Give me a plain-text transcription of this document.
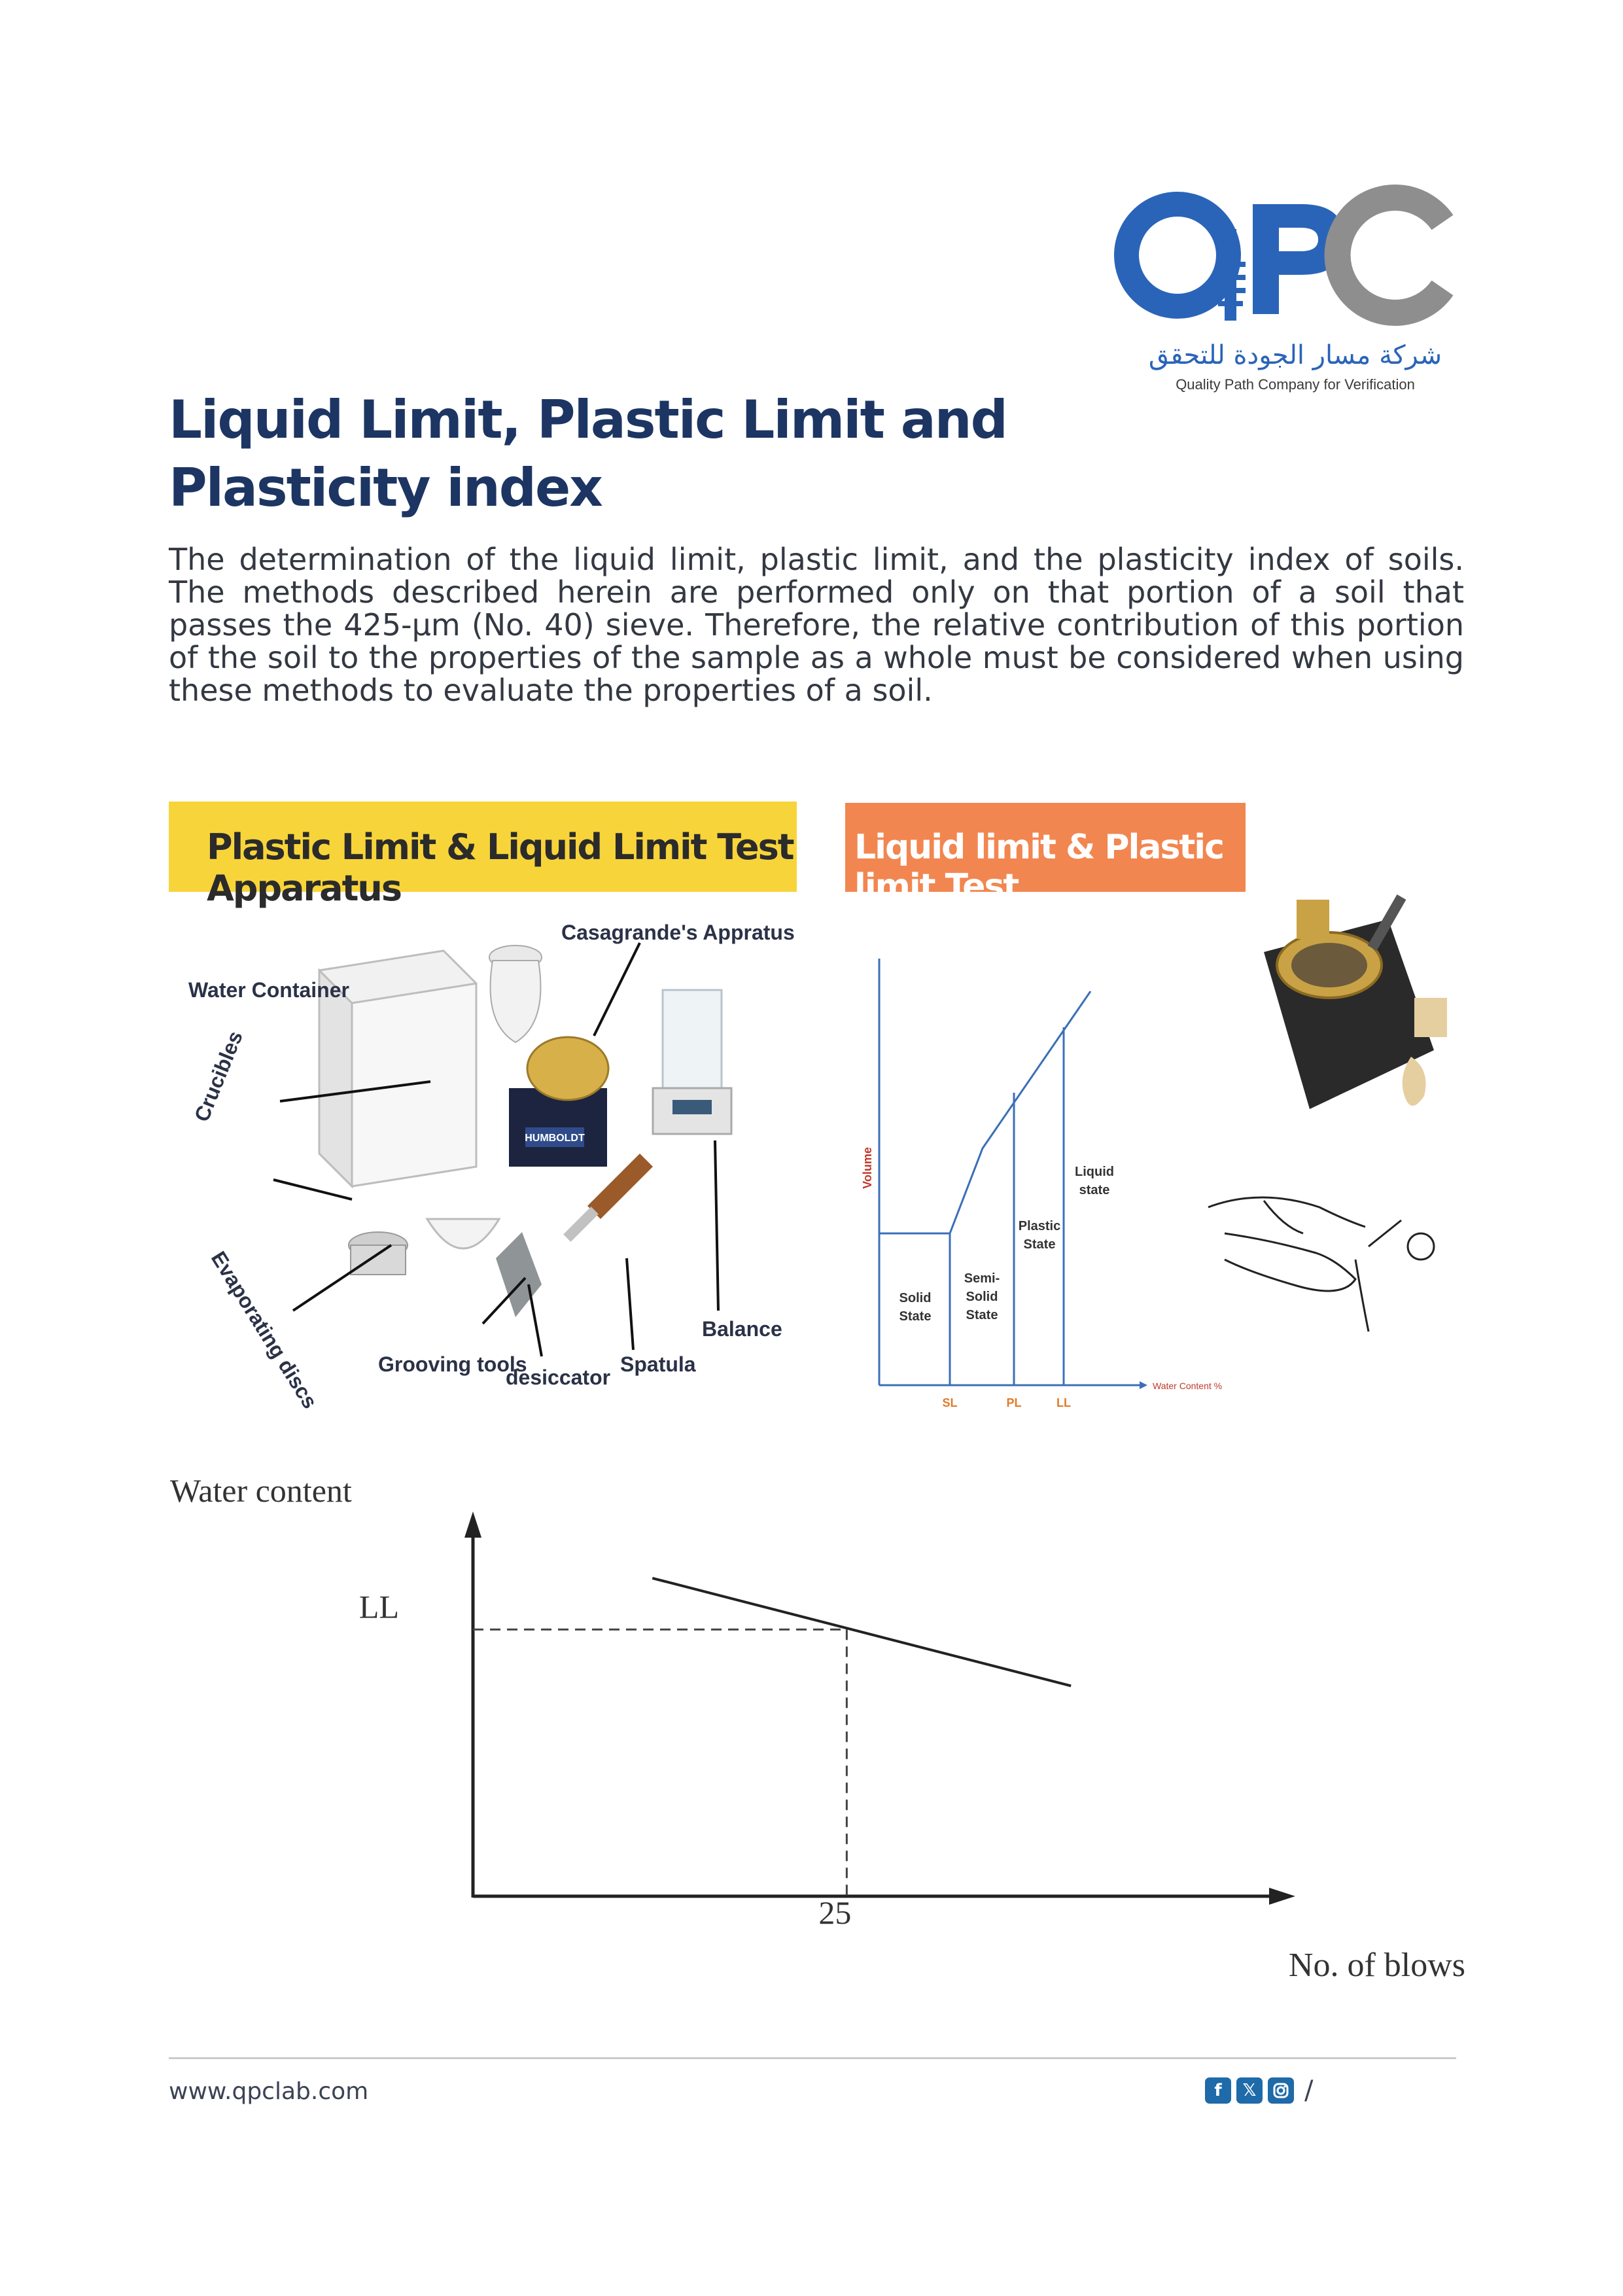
شركة مسار الجودة للتحقق
Quality Path Company for Verification
Liquid Limit, Plastic Limit and
Plasticity index
The determination of the liquid limit, plastic limit, and the plasticity index of soils. The methods described herein are performed only on that portion of a soil that passes the 425-µm (No. 40) sieve. Therefore, the relative contribution of this portion of the soil to the properties of the sample as a whole must be considered when using these methods to evaluate the properties of a soil.
Plastic Limit & Liquid Limit Test Apparatus
HUMBOLDT
Water Container
Casagrande's Appratus
Crucibles
Evaporating discs	Grooving tools
desiccator
Spatula
Balance
Liquid limit & Plastic limit Test
SL	PL	LL
Water Content %
Volume
Solid State
Semi-Solid State
Plastic State
Liquid state
Water content
LL
25
No. of blows
www.qpclab.com	f	𝕏 /
